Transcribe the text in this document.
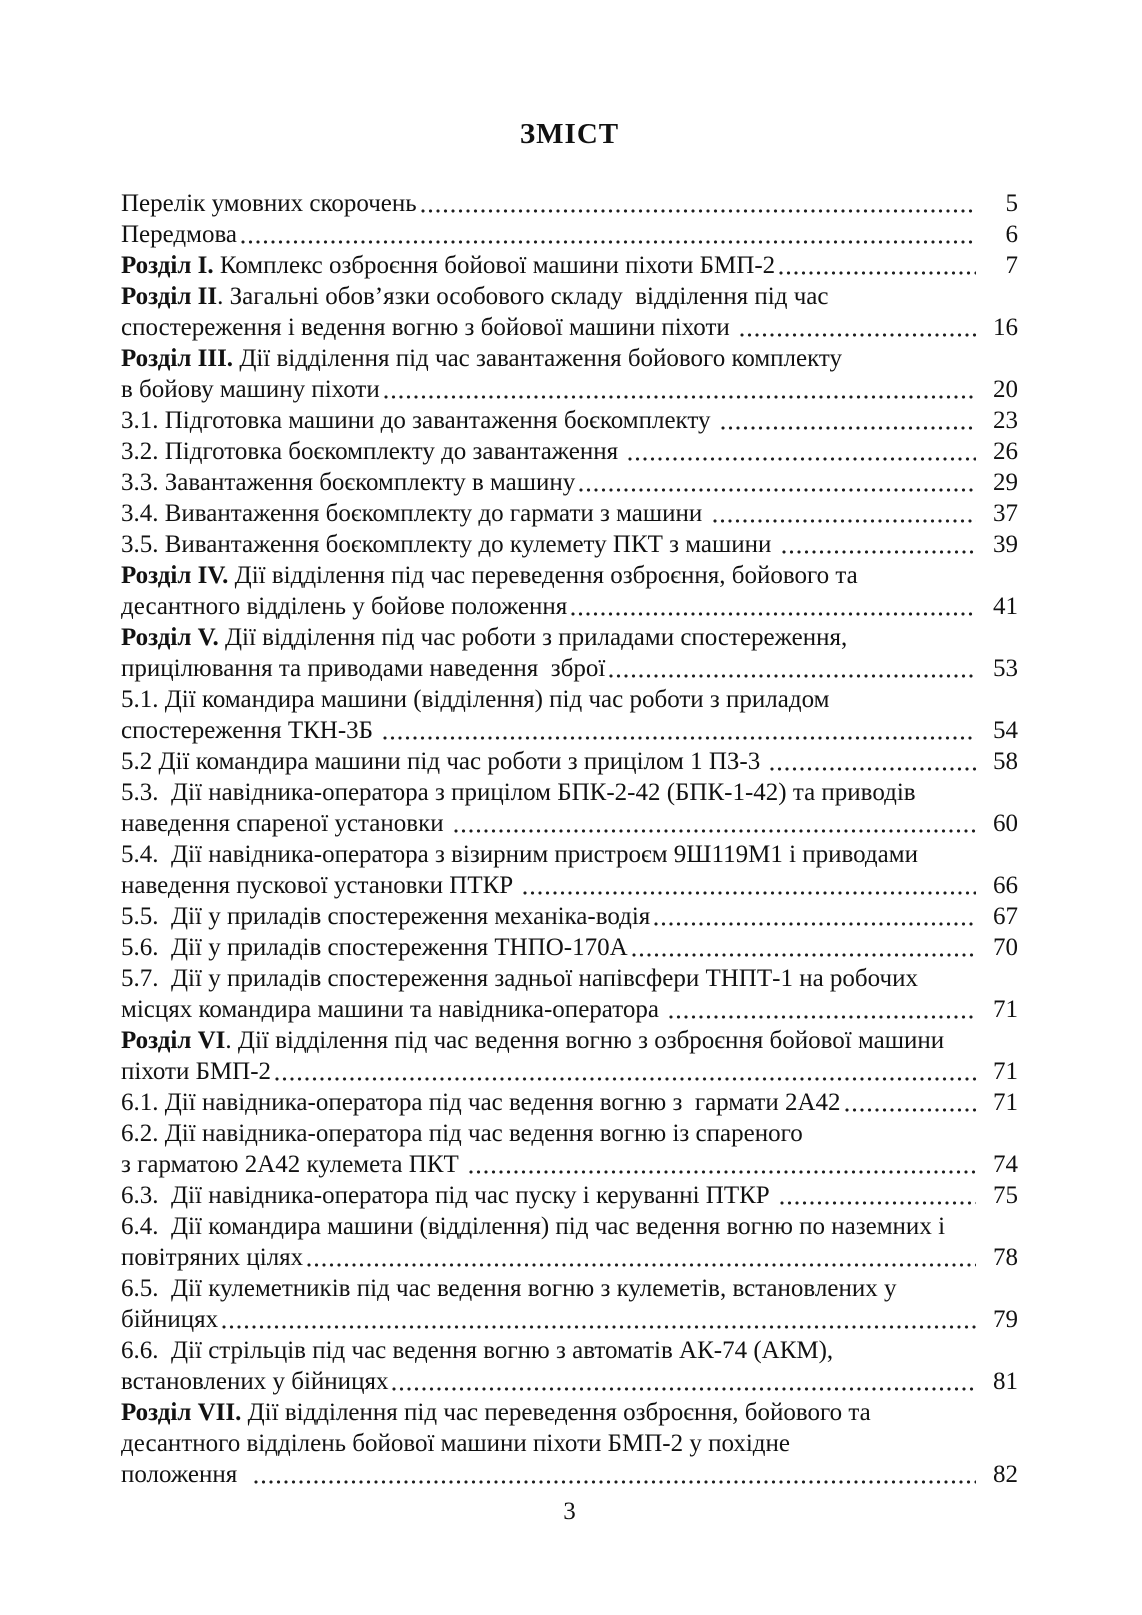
ЗМІСТ
Перелік умовних скорочень	5
Передмова	6
Розділ I. Комплекс озброєння бойової машини піхоти БМП-2	7
Розділ II . Загальні обов’язки особового складу  відділення під час
спостереження і ведення вогню з бойової машини піхоти	16
Розділ III. Дії відділення під час завантаження бойового комплекту
в бойову машину піхоти	20
3.1. Підготовка машини до завантаження боєкомплекту	23
3.2. Підготовка боєкомплекту до завантаження	26
3.3. Завантаження боєкомплекту в машину	29
3.4. Вивантаження боєкомплекту до гармати з машини	37
3.5. Вивантаження боєкомплекту до кулемету ПКТ з машини	39
Розділ IV. Дії відділення під час переведення озброєння, бойового та
десантного відділень у бойове положення	41
Розділ V. Дії відділення під час роботи з приладами спостереження,
прицілювання та приводами наведення  зброї	53
5.1. Дії командира машини (відділення) під час роботи з приладом
спостереження ТКН-3Б	54
5.2 Дії командира машини під час роботи з прицілом 1 ПЗ-3	58
5.3.  Дії навідника-оператора з прицілом БПК-2-42 (БПК-1-42) та приводів
наведення спареної установки	60
5.4.  Дії навідника-оператора з візирним пристроєм 9Ш119М1 і приводами
наведення пускової установки ПТКР	66
5.5.  Дії у приладів спостереження механіка-водія	67
5.6.  Дії у приладів спостереження ТНПО-170А	70
5.7.  Дії у приладів спостереження задньої напівсфери ТНПТ-1 на робочих
місцях командира машини та навідника-оператора	71
Розділ VI . Дії відділення під час ведення вогню з озброєння бойової машини
піхоти БМП-2	71
6.1. Дії навідника-оператора під час ведення вогню з  гармати 2А42	71
6.2. Дії навідника-оператора під час ведення вогню із спареного
з гарматою 2А42 кулемета ПКТ	74
6.3.  Дії навідника-оператора під час пуску і керуванні ПТКР	75
6.4.  Дії командира машини (відділення) під час ведення вогню по наземних і
повітряних цілях	78
6.5.  Дії кулеметників під час ведення вогню з кулеметів, встановлених у
бійницях	79
6.6.  Дії стрільців під час ведення вогню з автоматів АК-74 (АКМ),
встановлених у бійницях	81
Розділ VII. Дії відділення під час переведення озброєння, бойового та
десантного відділень бойової машини піхоти БМП-2 у похідне
положення	82
3
